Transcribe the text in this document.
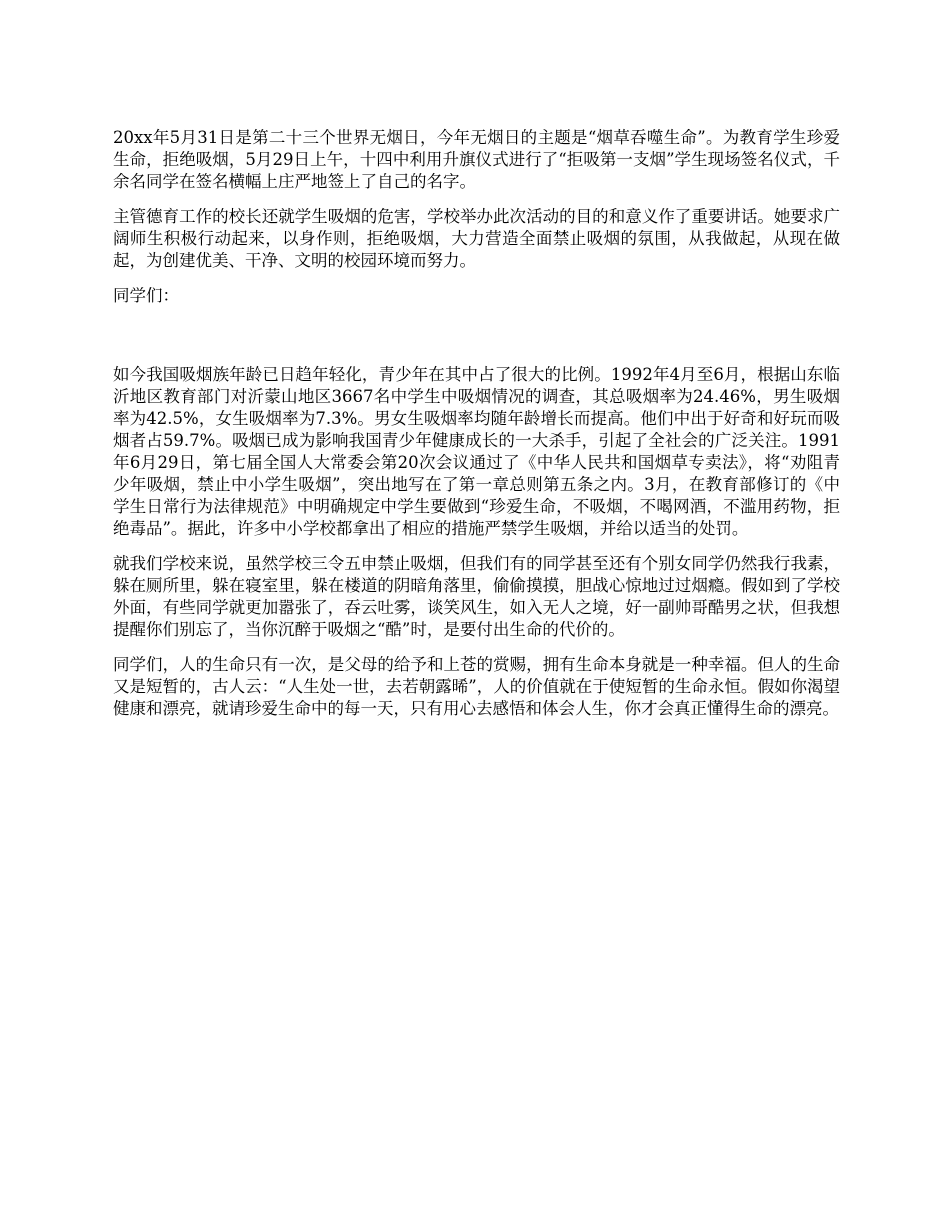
20xx年5月31日是第二十三个世界无烟日，今年无烟日的主题是“烟草吞噬生命”。为教育学生珍爱生命，拒绝吸烟，5月29日上午，十四中利用升旗仪式进行了“拒吸第一支烟”学生现场签名仪式，千余名同学在签名横幅上庄严地签上了自己的名字。

主管德育工作的校长还就学生吸烟的危害，学校举办此次活动的目的和意义作了重要讲话。她要求广阔师生积极行动起来，以身作则，拒绝吸烟，大力营造全面禁止吸烟的氛围，从我做起，从现在做起，为创建优美、干净、文明的校园环境而努力。

同学们：

如今我国吸烟族年龄已日趋年轻化，青少年在其中占了很大的比例。1992年4月至6月，根据山东临沂地区教育部门对沂蒙山地区3667名中学生中吸烟情况的调查，其总吸烟率为24.46%，男生吸烟率为42.5%，女生吸烟率为7.3%。男女生吸烟率均随年龄增长而提高。他们中出于好奇和好玩而吸烟者占59.7%。吸烟已成为影响我国青少年健康成长的一大杀手，引起了全社会的广泛关注。1991年6月29日，第七届全国人大常委会第20次会议通过了《中华人民共和国烟草专卖法》，将“劝阻青少年吸烟，禁止中小学生吸烟”，突出地写在了第一章总则第五条之内。3月，在教育部修订的《中学生日常行为法律规范》中明确规定中学生要做到“珍爱生命，不吸烟，不喝网酒，不滥用药物，拒绝毒品”。据此，许多中小学校都拿出了相应的措施严禁学生吸烟，并给以适当的处罚。

就我们学校来说，虽然学校三令五申禁止吸烟，但我们有的同学甚至还有个别女同学仍然我行我素，躲在厕所里，躲在寝室里，躲在楼道的阴暗角落里，偷偷摸摸，胆战心惊地过过烟瘾。假如到了学校外面，有些同学就更加嚣张了，吞云吐雾，谈笑风生，如入无人之境，好一副帅哥酷男之状，但我想提醒你们别忘了，当你沉醉于吸烟之“酷”时，是要付出生命的代价的。

同学们，人的生命只有一次，是父母的给予和上苍的赏赐，拥有生命本身就是一种幸福。但人的生命又是短暂的，古人云：“人生处一世，去若朝露晞”，人的价值就在于使短暂的生命永恒。假如你渴望健康和漂亮，就请珍爱生命中的每一天，只有用心去感悟和体会人生，你才会真正懂得生命的漂亮。
